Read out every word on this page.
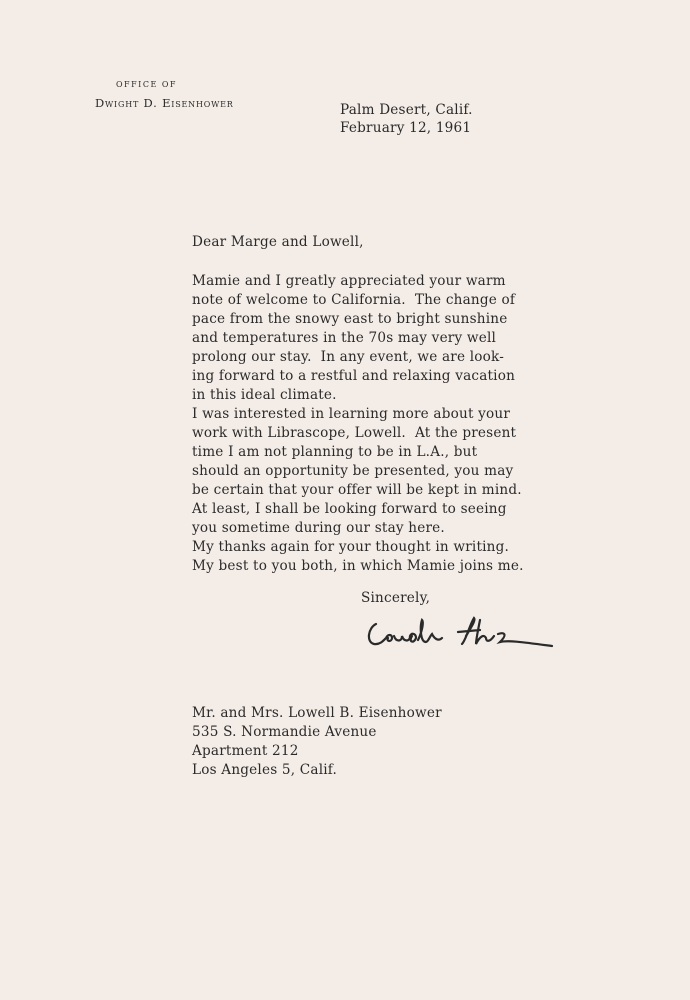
OFFICE OF
Dwight D. Eisenhower	Palm Desert, Calif.
February 12, 1961
Dear Marge and Lowell,
Mamie and I greatly appreciated your warm
note of welcome to California.  The change of
pace from the snowy east to bright sunshine
and temperatures in the 70s may very well
prolong our stay.  In any event, we are look-
ing forward to a restful and relaxing vacation
in this ideal climate.
I was interested in learning more about your
work with Librascope, Lowell.  At the present
time I am not planning to be in L.A., but
should an opportunity be presented, you may
be certain that your offer will be kept in mind.
At least, I shall be looking forward to seeing
you sometime during our stay here.
My thanks again for your thought in writing.
My best to you both, in which Mamie joins me.
Sincerely,
Mr. and Mrs. Lowell B. Eisenhower
535 S. Normandie Avenue
Apartment 212
Los Angeles 5, Calif.
